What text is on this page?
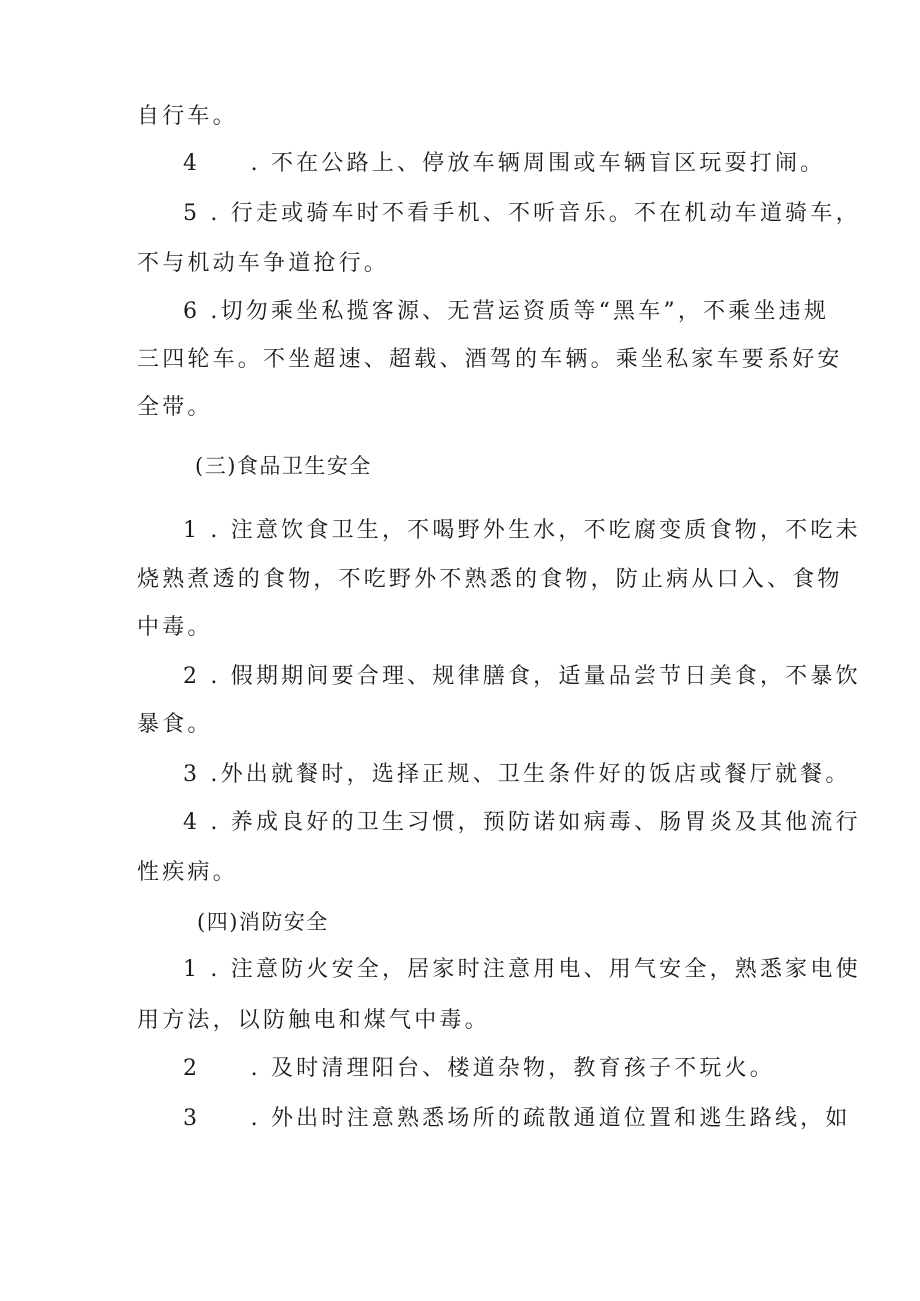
自行车。
4　　. 不在公路上、停放车辆周围或车辆盲区玩耍打闹。
5 . 行走或骑车时不看手机、不听音乐。不在机动车道骑车，
不与机动车争道抢行。
6 .切勿乘坐私揽客源、无营运资质等“黑车”，不乘坐违规
三四轮车。不坐超速、超载、酒驾的车辆。乘坐私家车要系好安
全带。
(三)食品卫生安全
1 . 注意饮食卫生，不喝野外生水，不吃腐变质食物，不吃未
烧熟煮透的食物，不吃野外不熟悉的食物，防止病从口入、食物
中毒。
2 . 假期期间要合理、规律膳食，适量品尝节日美食，不暴饮
暴食。
3 .外出就餐时，选择正规、卫生条件好的饭店或餐厅就餐。
4 . 养成良好的卫生习惯，预防诺如病毒、肠胃炎及其他流行
性疾病。
(四)消防安全
1 . 注意防火安全，居家时注意用电、用气安全，熟悉家电使
用方法，以防触电和煤气中毒。
2　　. 及时清理阳台、楼道杂物，教育孩子不玩火。
3　　. 外出时注意熟悉场所的疏散通道位置和逃生路线，如
